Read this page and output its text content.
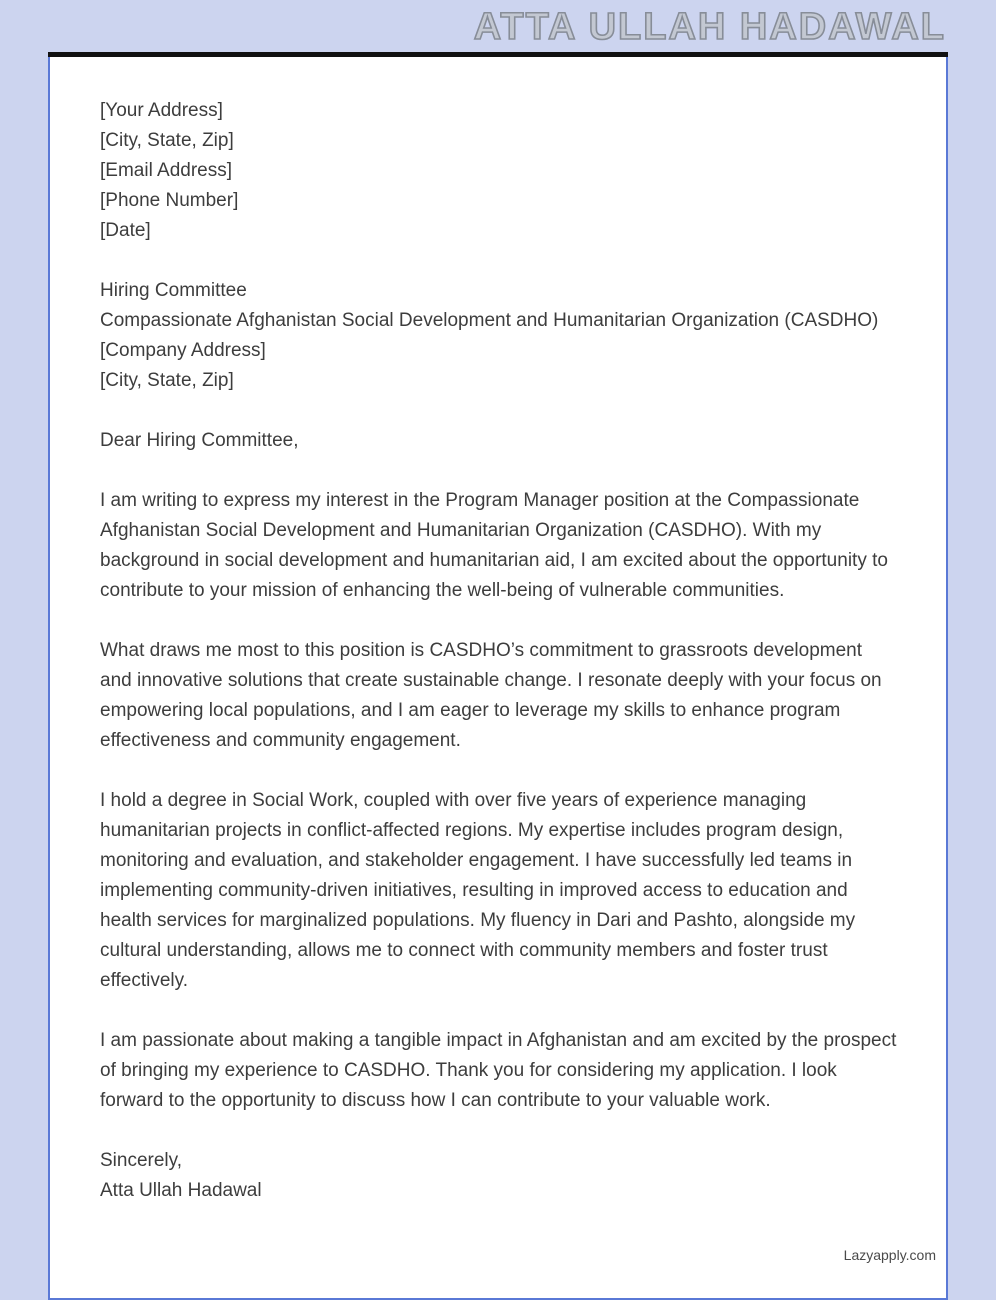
ATTA ULLAH HADAWAL
[Your Address]
[City, State, Zip]
[Email Address]
[Phone Number]
[Date]
Hiring Committee
Compassionate Afghanistan Social Development and Humanitarian Organization (CASDHO)
[Company Address]
[City, State, Zip]
Dear Hiring Committee,

I am writing to express my interest in the Program Manager position at the Compassionate Afghanistan Social Development and Humanitarian Organization (CASDHO). With my background in social development and humanitarian aid, I am excited about the opportunity to contribute to your mission of enhancing the well-being of vulnerable communities.

What draws me most to this position is CASDHO’s commitment to grassroots development and innovative solutions that create sustainable change. I resonate deeply with your focus on empowering local populations, and I am eager to leverage my skills to enhance program effectiveness and community engagement.

I hold a degree in Social Work, coupled with over five years of experience managing humanitarian projects in conflict-affected regions. My expertise includes program design, monitoring and evaluation, and stakeholder engagement. I have successfully led teams in implementing community-driven initiatives, resulting in improved access to education and health services for marginalized populations. My fluency in Dari and Pashto, alongside my cultural understanding, allows me to connect with community members and foster trust effectively.

I am passionate about making a tangible impact in Afghanistan and am excited by the prospect of bringing my experience to CASDHO. Thank you for considering my application. I look forward to the opportunity to discuss how I can contribute to your valuable work.

Sincerely,
Atta Ullah Hadawal
Lazyapply.com
